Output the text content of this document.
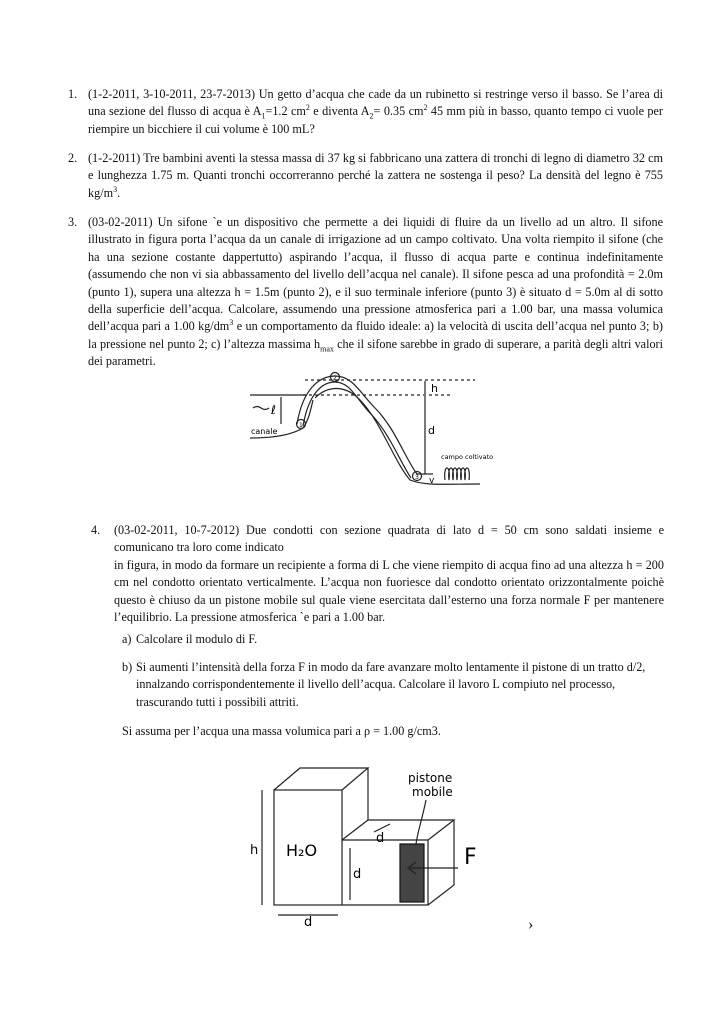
1. (1-2-2011, 3-10-2011, 23-7-2013) Un getto d’acqua che cade da un rubinetto si restringe verso il basso. Se l’area di una sezione del flusso di acqua è $A_1=1.2$ $cm^2$ e diventa $A_2= 0.35$ $cm^2$ 45 mm più in basso, quanto tempo ci vuole per riempire un bicchiere il cui volume è 100 mL?
2. (1-2-2011) Tre bambini aventi la stessa massa di 37 kg si fabbricano una zattera di tronchi di legno di diametro 32 cm e lunghezza 1.75 m. Quanti tronchi occorreranno perché la zattera ne sostenga il peso? La densità del legno è 755 $kg/m^3$.
3. (03-02-2011) Un sifone `e un dispositivo che permette a dei liquidi di fluire da un livello ad un altro. Il sifone illustrato in figura porta l’acqua da un canale di irrigazione ad un campo coltivato. Una volta riempito il sifone (che ha una sezione costante dappertutto) aspirando l’acqua, il flusso di acqua parte e continua indefinitamente (assumendo che non vi sia abbassamento del livello dell’acqua nel canale). Il sifone pesca ad una profondità = 2.0m (punto 1), supera una altezza h = 1.5m (punto 2), e il suo terminale inferiore (punto 3) è situato d = 5.0m al di sotto della superficie dell’acqua. Calcolare, assumendo una pressione atmosferica pari a 1.00 bar, una massa volumica dell’acqua pari a 1.00 $kg/dm^3$ e un comportamento da fluido ideale: a) la velocità di uscita dell’acqua nel punto 3; b) la pressione nel punto 2; c) l’altezza massima $h_{max}$ che il sifone sarebbe in grado di superare, a parità degli altri valori dei parametri.
ℓ
canale
2
1
3
h
d
v
campo coltivato
4. (03-02-2011, 10-7-2012) Due condotti con sezione quadrata di lato d = 50 cm sono saldati insieme e comunicano tra loro come indicato
in figura, in modo da formare un recipiente a forma di L che viene riempito di acqua fino ad una altezza h = 200 cm nel condotto orientato verticalmente. L’acqua non fuoriesce dal condotto orientato orizzontalmente poichè questo è chiuso da un pistone mobile sul quale viene esercitata dall’esterno una forza normale F per mantenere l’equilibrio. La pressione atmosferica `e pari a 1.00 bar.
a) Calcolare il modulo di F.
b) Si aumenti l’intensità della forza F in modo da fare avanzare molto lentamente il pistone di un tratto d/2, innalzando corrispondentemente il livello dell’acqua. Calcolare il lavoro L compiuto nel processo, trascurando tutti i possibili attriti.
Si assuma per l’acqua una massa volumica pari a ρ = 1.00 g/cm3.
h H₂O
d
d
d
pistone
mobile
F
›
